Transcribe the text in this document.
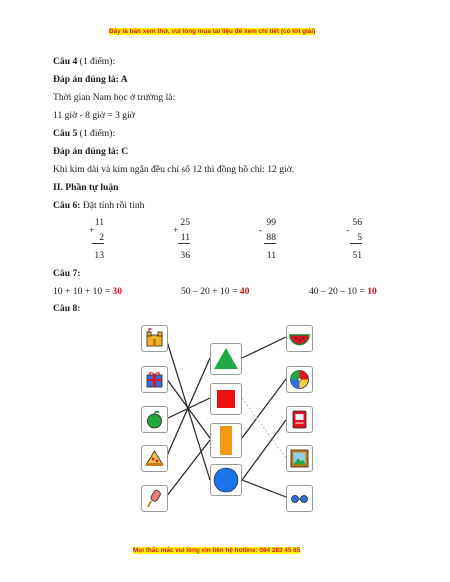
Đây là bản xem thử, vui lòng mua tài liệu để xem chi tiết (có lời giải)
Câu 4 (1 điểm):
Đáp án đúng là: A
Thời gian Nam học ở trường là:
11 giờ - 8 giờ = 3 giờ
Câu 5 (1 điểm):
Đáp án đúng là: C
Khi kim dài và kim ngắn đều chỉ số 12 thì đồng hồ chỉ: 12 giờ.
II. Phần tự luận
Câu 6: Đặt tính rồi tính
+
11
2
13
+
25
11
36
-
99
88
11
-
56
5
51
Câu 7:
10 + 10 + 10 = 30	50 – 20 + 10 = 40	40 – 20 – 10 = 10
Câu 8:
Mọi thắc mắc vui lòng xin liên hệ hotline: 084 283 45 85
